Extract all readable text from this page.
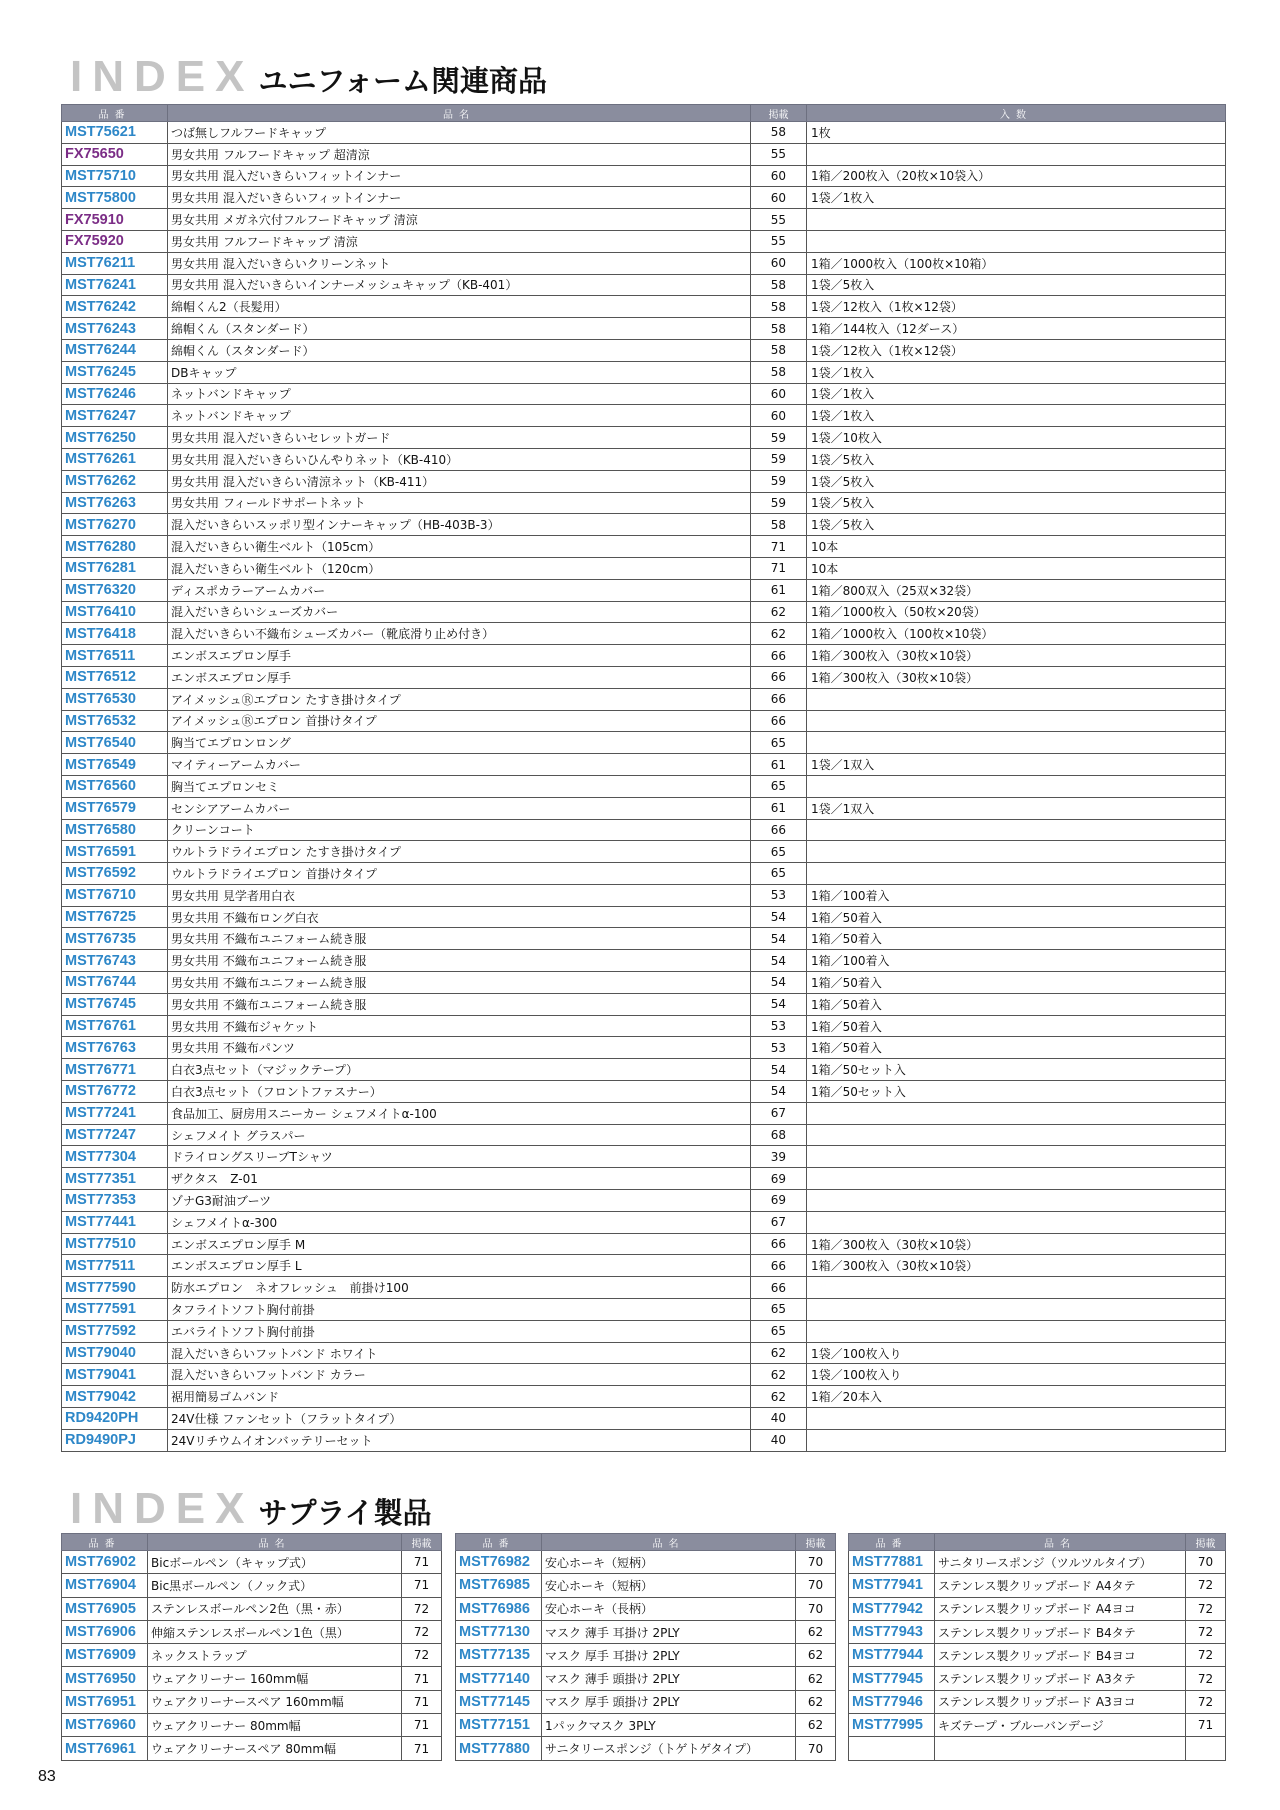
INDEX ユニフォーム関連商品
品番	品名	掲載	入数
MST75621	つば無しフルフードキャップ	58	1枚
FX75650	男女共用 フルフードキャップ 超清涼	55	
MST75710	男女共用 混入だいきらいフィットインナー	60	1箱／200枚入（20枚×10袋入）
MST75800	男女共用 混入だいきらいフィットインナー	60	1袋／1枚入
FX75910	男女共用 メガネ穴付フルフードキャップ 清涼	55	
FX75920	男女共用 フルフードキャップ 清涼	55	
MST76211	男女共用 混入だいきらいクリーンネット	60	1箱／1000枚入（100枚×10箱）
MST76241	男女共用 混入だいきらいインナーメッシュキャップ（KB-401）	58	1袋／5枚入
MST76242	綿帽くん2（長髪用）	58	1袋／12枚入（1枚×12袋）
MST76243	綿帽くん（スタンダード）	58	1箱／144枚入（12ダース）
MST76244	綿帽くん（スタンダード）	58	1袋／12枚入（1枚×12袋）
MST76245	DBキャップ	58	1袋／1枚入
MST76246	ネットバンドキャップ	60	1袋／1枚入
MST76247	ネットバンドキャップ	60	1袋／1枚入
MST76250	男女共用 混入だいきらいセレットガード	59	1袋／10枚入
MST76261	男女共用 混入だいきらいひんやりネット（KB-410）	59	1袋／5枚入
MST76262	男女共用 混入だいきらい清涼ネット（KB-411）	59	1袋／5枚入
MST76263	男女共用 フィールドサポートネット	59	1袋／5枚入
MST76270	混入だいきらいスッポリ型インナーキャップ（HB-403B-3）	58	1袋／5枚入
MST76280	混入だいきらい衛生ベルト（105cm）	71	10本
MST76281	混入だいきらい衛生ベルト（120cm）	71	10本
MST76320	ディスポカラーアームカバー	61	1箱／800双入（25双×32袋）
MST76410	混入だいきらいシューズカバー	62	1箱／1000枚入（50枚×20袋）
MST76418	混入だいきらい不織布シューズカバー（靴底滑り止め付き）	62	1箱／1000枚入（100枚×10袋）
MST76511	エンボスエプロン厚手	66	1箱／300枚入（30枚×10袋）
MST76512	エンボスエプロン厚手	66	1箱／300枚入（30枚×10袋）
MST76530	アイメッシュⓇエプロン たすき掛けタイプ	66	
MST76532	アイメッシュⓇエプロン 首掛けタイプ	66	
MST76540	胸当てエプロンロング	65	
MST76549	マイティーアームカバー	61	1袋／1双入
MST76560	胸当てエプロンセミ	65	
MST76579	センシアアームカバー	61	1袋／1双入
MST76580	クリーンコート	66	
MST76591	ウルトラドライエプロン たすき掛けタイプ	65	
MST76592	ウルトラドライエプロン 首掛けタイプ	65	
MST76710	男女共用 見学者用白衣	53	1箱／100着入
MST76725	男女共用 不織布ロング白衣	54	1箱／50着入
MST76735	男女共用 不織布ユニフォーム続き服	54	1箱／50着入
MST76743	男女共用 不織布ユニフォーム続き服	54	1箱／100着入
MST76744	男女共用 不織布ユニフォーム続き服	54	1箱／50着入
MST76745	男女共用 不織布ユニフォーム続き服	54	1箱／50着入
MST76761	男女共用 不織布ジャケット	53	1箱／50着入
MST76763	男女共用 不織布パンツ	53	1箱／50着入
MST76771	白衣3点セット（マジックテープ）	54	1箱／50セット入
MST76772	白衣3点セット（フロントファスナー）	54	1箱／50セット入
MST77241	食品加工、厨房用スニーカー シェフメイトα-100	67	
MST77247	シェフメイト グラスパー	68	
MST77304	ドライロングスリーブTシャツ	39	
MST77351	ザクタス　Z-01	69	
MST77353	ゾナG3耐油ブーツ	69	
MST77441	シェフメイトα-300	67	
MST77510	エンボスエプロン厚手 M	66	1箱／300枚入（30枚×10袋）
MST77511	エンボスエプロン厚手 L	66	1箱／300枚入（30枚×10袋）
MST77590	防水エプロン　ネオフレッシュ　前掛け100	66	
MST77591	タフライトソフト胸付前掛	65	
MST77592	エバライトソフト胸付前掛	65	
MST79040	混入だいきらいフットバンド ホワイト	62	1袋／100枚入り
MST79041	混入だいきらいフットバンド カラー	62	1袋／100枚入り
MST79042	裾用簡易ゴムバンド	62	1箱／20本入
RD9420PH	24V仕様 ファンセット（フラットタイプ）	40	
RD9490PJ	24Vリチウムイオンバッテリーセット	40	
INDEX サプライ製品
品番	品名	掲載
MST76902	Bicボールペン（キャップ式）	71
MST76904	Bic黒ボールペン（ノック式）	71
MST76905	ステンレスボールペン2色（黒・赤）	72
MST76906	伸縮ステンレスボールペン1色（黒）	72
MST76909	ネックストラップ	72
MST76950	ウェアクリーナー 160mm幅	71
MST76951	ウェアクリーナースペア 160mm幅	71
MST76960	ウェアクリーナー 80mm幅	71
MST76961	ウェアクリーナースペア 80mm幅	71
品番	品名	掲載
MST76982	安心ホーキ（短柄）	70
MST76985	安心ホーキ（短柄）	70
MST76986	安心ホーキ（長柄）	70
MST77130	マスク 薄手 耳掛け 2PLY	62
MST77135	マスク 厚手 耳掛け 2PLY	62
MST77140	マスク 薄手 頭掛け 2PLY	62
MST77145	マスク 厚手 頭掛け 2PLY	62
MST77151	1パックマスク 3PLY	62
MST77880	サニタリースポンジ（トゲトゲタイプ）	70
品番	品名	掲載
MST77881	サニタリースポンジ（ツルツルタイプ）	70
MST77941	ステンレス製クリップボード A4タテ	72
MST77942	ステンレス製クリップボード A4ヨコ	72
MST77943	ステンレス製クリップボード B4タテ	72
MST77944	ステンレス製クリップボード B4ヨコ	72
MST77945	ステンレス製クリップボード A3タテ	72
MST77946	ステンレス製クリップボード A3ヨコ	72
MST77995	キズテープ・ブルーバンデージ	71

83
